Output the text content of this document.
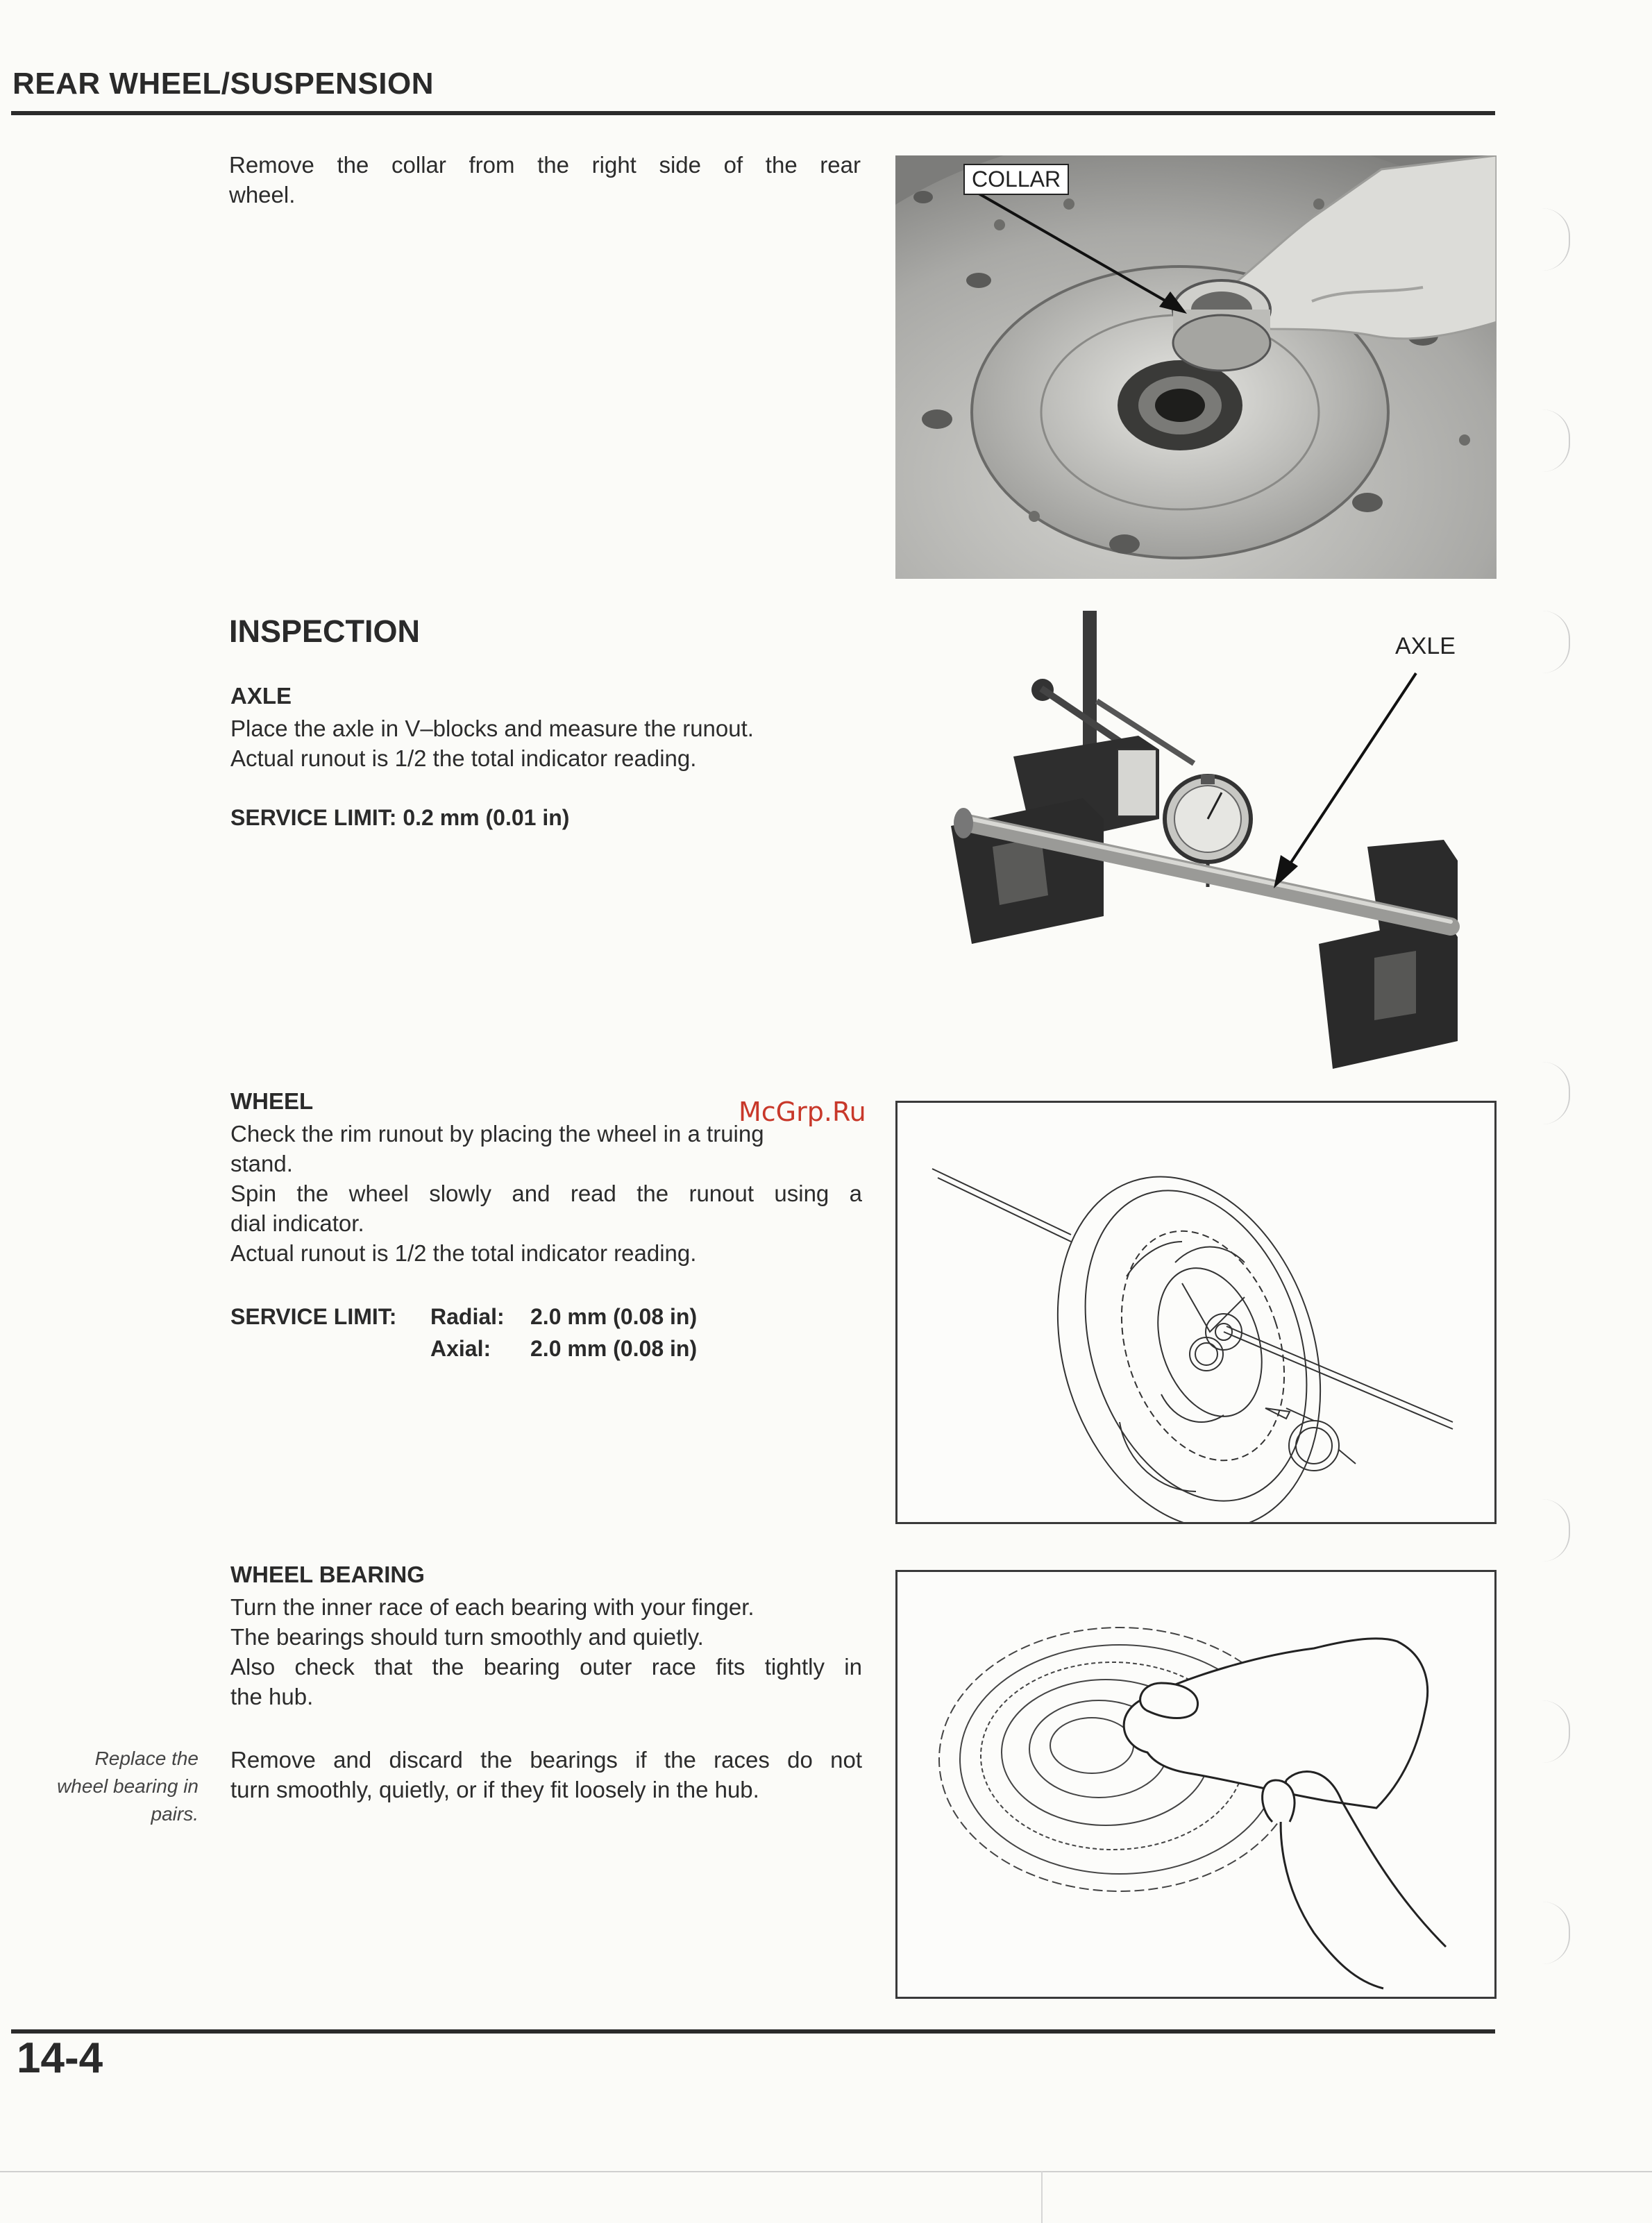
REAR WHEEL/SUSPENSION
Remove the collar from the right side of the rear
wheel.
COLLAR
INSPECTION
AXLE
Place the axle in V–blocks and measure the runout.
Actual runout is 1/2 the total indicator reading.
SERVICE LIMIT: 0.2 mm (0.01 in)
AXLE
WHEEL
Check the rim runout by placing the wheel in a truing
stand.
Spin the wheel slowly and read the runout using a
dial indicator.
Actual runout is 1/2 the total indicator reading.
SERVICE LIMIT:	Radial:	2.0 mm (0.08 in)
Axial:	2.0 mm (0.08 in)
McGrp.Ru
WHEEL BEARING
Turn the inner race of each bearing with your finger.
The bearings should turn smoothly and quietly.
Also check that the bearing outer race fits tightly in
the hub.
Remove and discard the bearings if the races do not
turn smoothly, quietly, or if they fit loosely in the hub.
Replace the
wheel bearing in
pairs.
14-4
